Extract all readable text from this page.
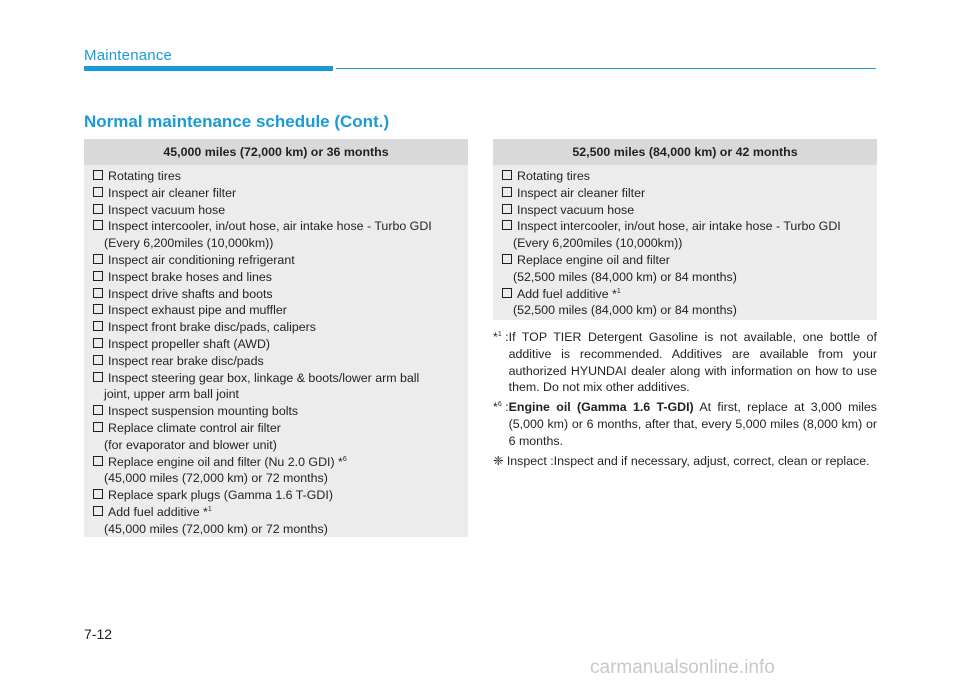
Maintenance
Normal maintenance schedule (Cont.)
45,000 miles (72,000 km) or 36 months
Rotating tires
Inspect air cleaner filter
Inspect vacuum hose
Inspect intercooler, in/out hose, air intake hose - Turbo GDI
(Every 6,200miles (10,000km))
Inspect air conditioning refrigerant
Inspect brake hoses and lines
Inspect drive shafts and boots
Inspect exhaust pipe and muffler
Inspect front brake disc/pads, calipers
Inspect propeller shaft (AWD)
Inspect rear brake disc/pads
Inspect steering gear box, linkage & boots/lower arm ball
joint, upper arm ball joint
Inspect suspension mounting bolts
Replace climate control air filter
(for evaporator and blower unit)
Replace engine oil and filter (Nu 2.0 GDI) *$^6$
(45,000 miles (72,000 km) or 72 months)
Replace spark plugs (Gamma 1.6 T-GDI)
Add fuel additive *$^1$
(45,000 miles (72,000 km) or 72 months)
52,500 miles (84,000 km) or 42 months
Rotating tires
Inspect air cleaner filter
Inspect vacuum hose
Inspect intercooler, in/out hose, air intake hose - Turbo GDI
(Every 6,200miles (10,000km))
Replace engine oil and filter
(52,500 miles (84,000 km) or 84 months)
Add fuel additive *$^1$
(52,500 miles (84,000 km) or 84 months)
*$^1$ : If TOP TIER Detergent Gasoline is not available, one bottle of additive is recommended. Additives are available from your authorized HYUNDAI dealer along with information on how to use them. Do not mix other additives.
*$^6$ : Engine oil (Gamma 1.6 T-GDI) At first, replace at 3,000 miles (5,000 km) or 6 months, after that, every 5,000 miles (8,000 km) or 6 months.
❈ Inspect : Inspect and if necessary, adjust, correct, clean or replace.
7-12
carmanualsonline.info
